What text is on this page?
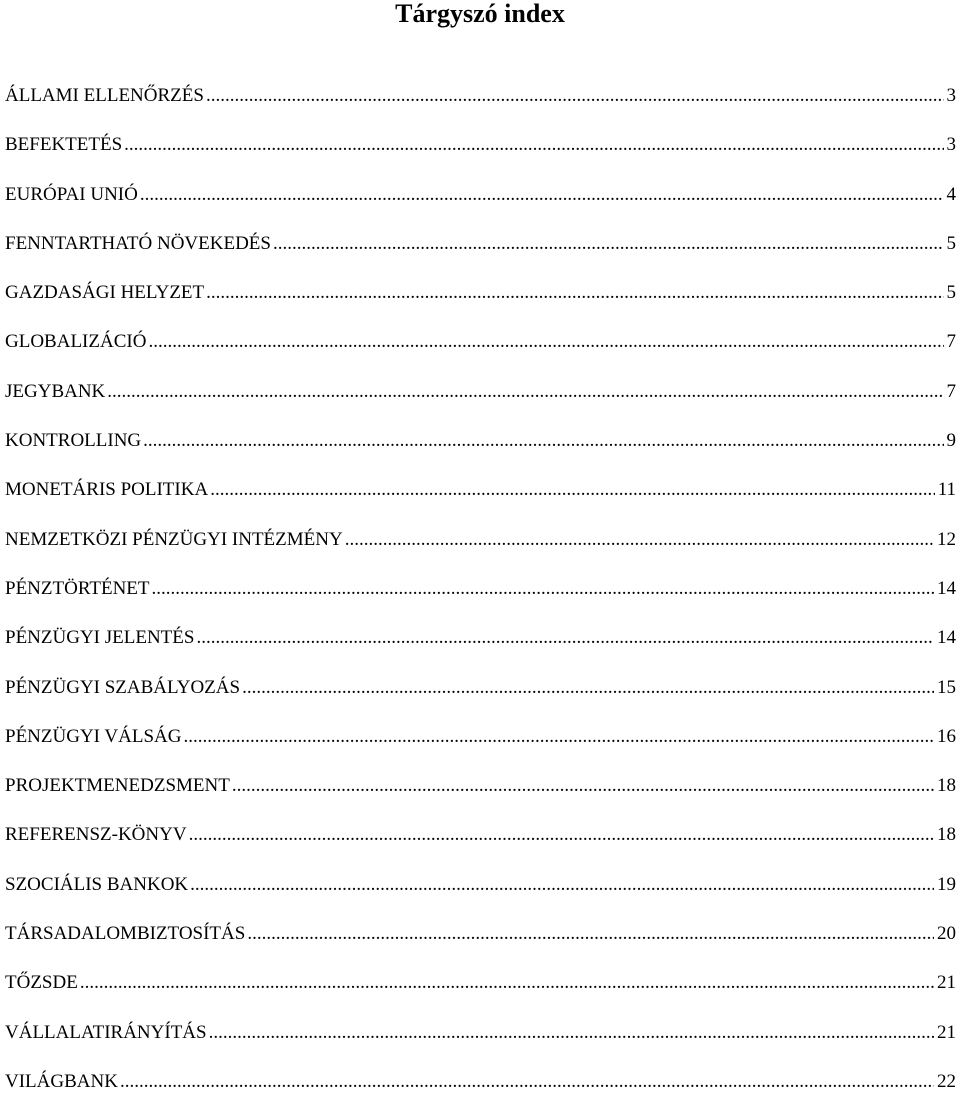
Tárgyszó index
ÁLLAMI ELLENŐRZÉS .....	3
BEFEKTETÉS .....	3
EURÓPAI UNIÓ .....	4
FENNTARTHATÓ NÖVEKEDÉS .....	5
GAZDASÁGI HELYZET .....	5
GLOBALIZÁCIÓ .....	7
JEGYBANK .....	7
KONTROLLING .....	9
MONETÁRIS POLITIKA .....	11
NEMZETKÖZI PÉNZÜGYI INTÉZMÉNY .....	12
PÉNZTÖRTÉNET .....	14
PÉNZÜGYI JELENTÉS .....	14
PÉNZÜGYI SZABÁLYOZÁS .....	15
PÉNZÜGYI VÁLSÁG .....	16
PROJEKTMENEDZSMENT .....	18
REFERENSZ-KÖNYV .....	18
SZOCIÁLIS BANKOK .....	19
TÁRSADALOMBIZTOSÍTÁS .....	20
TŐZSDE .....	21
VÁLLALATIRÁNYÍTÁS .....	21
VILÁGBANK .....	22
